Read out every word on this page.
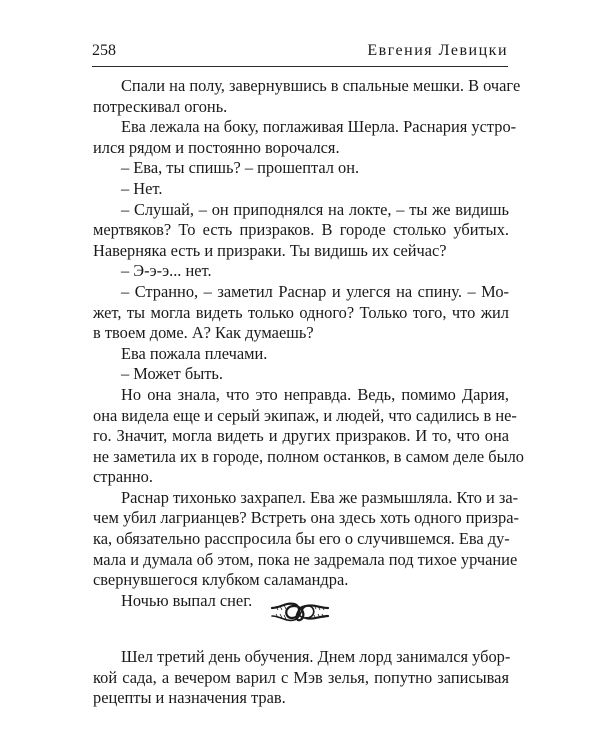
258	Евгения Левицки
Спали на полу, завернувшись в спальные мешки. В очаге
потрескивал огонь.
Ева лежала на боку, поглаживая Шерла. Раснария устро-
ился рядом и постоянно ворочался.
– Ева, ты спишь? – прошептал он.
– Нет.
– Слушай, – он приподнялся на локте, – ты же видишь
мертвяков? То есть призраков. В городе столько убитых.
Наверняка есть и призраки. Ты видишь их сейчас?
– Э-э-э... нет.
– Странно, – заметил Раснар и улегся на спину. – Мо-
жет, ты могла видеть только одного? Только того, что жил
в твоем доме. А? Как думаешь?
Ева пожала плечами.
– Может быть.
Но она знала, что это неправда. Ведь, помимо Дария,
она видела еще и серый экипаж, и людей, что садились в не-
го. Значит, могла видеть и других призраков. И то, что она
не заметила их в городе, полном останков, в самом деле было
странно.
Раснар тихонько захрапел. Ева же размышляла. Кто и за-
чем убил лагрианцев? Встреть она здесь хоть одного призра-
ка, обязательно расспросила бы его о случившемся. Ева ду-
мала и думала об этом, пока не задремала под тихое урчание
свернувшегося клубком саламандра.
Ночью выпал снег.
Шел третий день обучения. Днем лорд занимался убор-
кой сада, а вечером варил с Мэв зелья, попутно записывая
рецепты и назначения трав.
